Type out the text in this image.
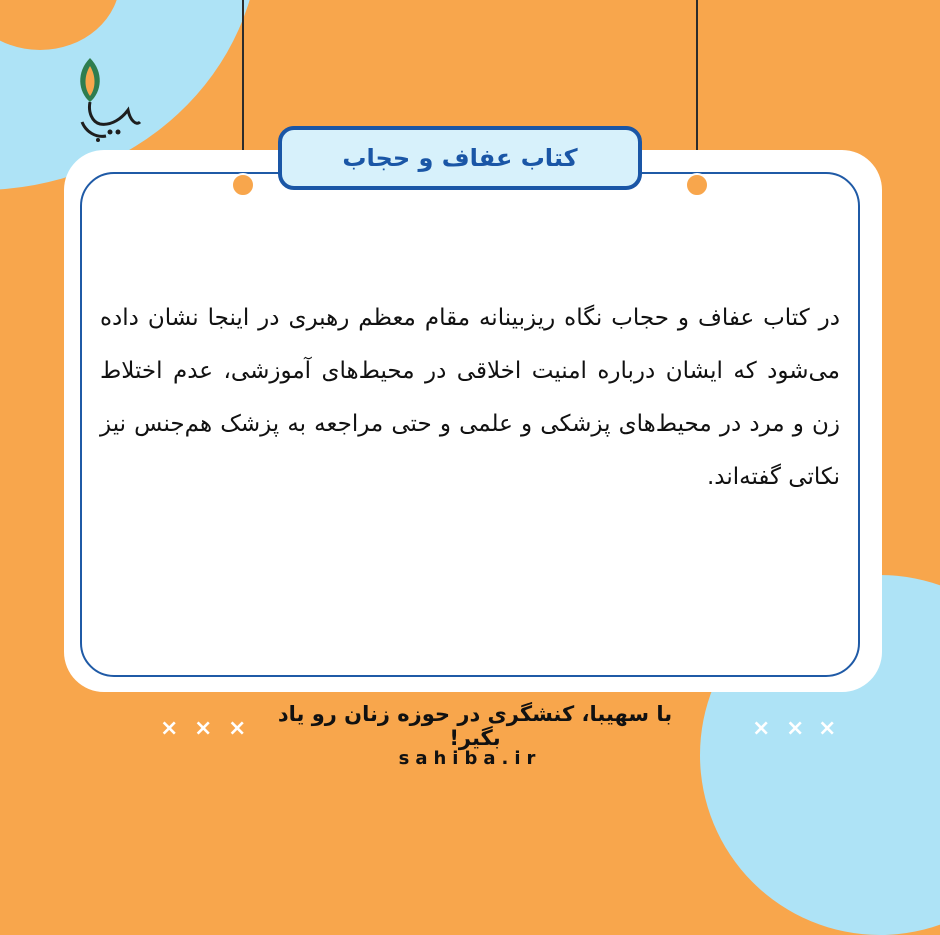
کتاب عفاف و حجاب
در کتاب عفاف و حجاب نگاه ریزبینانه مقام معظم رهبری در اینجا نشان داده می‌شود که ایشان درباره امنیت اخلاقی در محیط‌های آموزشی، عدم اختلاط زن و مرد در محیط‌های پزشکی و علمی و حتی مراجعه به پزشک هم‌جنس نیز نکاتی گفته‌اند.
× × ×	× × ×
با سهیبا، کنشگری در حوزه زنان رو یاد بگیر!
sahiba.ir
